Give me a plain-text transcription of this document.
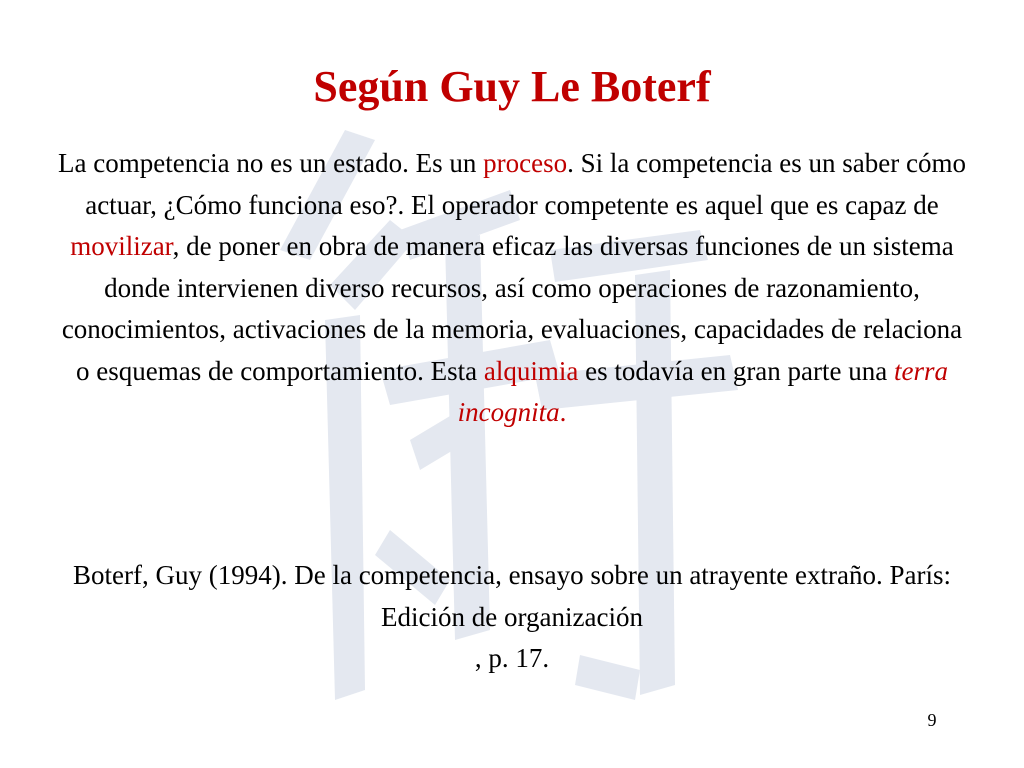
Según Guy Le Boterf

La competencia no es un estado. Es un proceso. Si la competencia es un saber cómo actuar, ¿Cómo funciona eso?. El operador competente es aquel que es capaz de movilizar, de poner en obra de manera eficaz las diversas funciones de un sistema donde intervienen diverso recursos, así como operaciones de razonamiento, conocimientos, activaciones de la memoria, evaluaciones, capacidades de relaciona o esquemas de comportamiento. Esta alquimia es todavía en gran parte una terra incognita.

Boterf, Guy (1994). De la competencia, ensayo sobre un atrayente extraño. París: Edición de organización
, p. 17.

9
